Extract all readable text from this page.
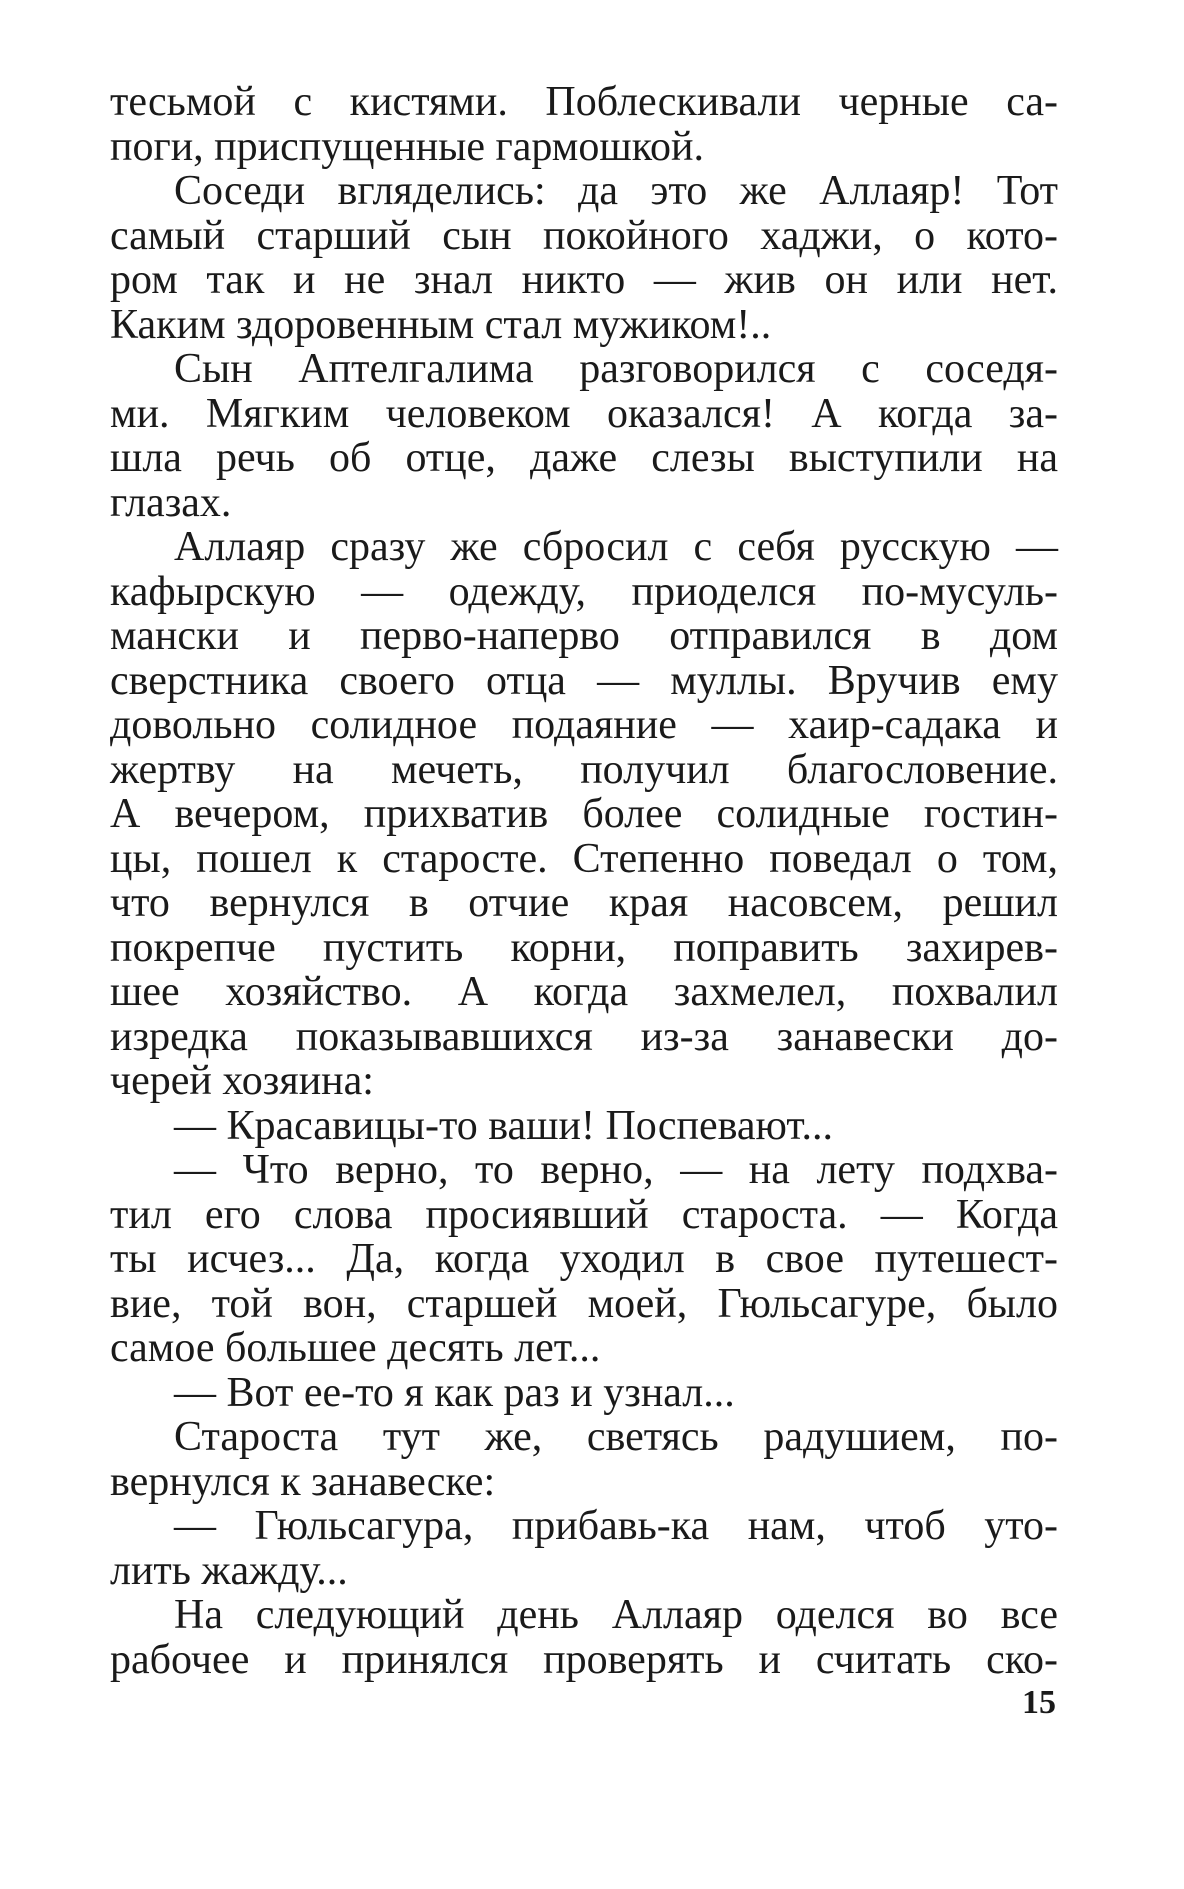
тесьмой с кистями. Поблескивали черные са-
поги, приспущенные гармошкой.
Соседи вгляделись: да это же Аллаяр! Тот
самый старший сын покойного хаджи, о кото-
ром так и не знал никто — жив он или нет.
Каким здоровенным стал мужиком!..
Сын Аптелгалима разговорился с соседя-
ми. Мягким человеком оказался! А когда за-
шла речь об отце, даже слезы выступили на
глазах.
Аллаяр сразу же сбросил с себя русскую —
кафырскую — одежду, приоделся по-мусуль-
мански и перво-наперво отправился в дом
сверстника своего отца — муллы. Вручив ему
довольно солидное подаяние — хаир-садака и
жертву на мечеть, получил благословение.
А вечером, прихватив более солидные гостин-
цы, пошел к старосте. Степенно поведал о том,
что вернулся в отчие края насовсем, решил
покрепче пустить корни, поправить захирев-
шее хозяйство. А когда захмелел, похвалил
изредка показывавшихся из-за занавески до-
черей хозяина:
— Красавицы-то ваши! Поспевают...
— Что верно, то верно, — на лету подхва-
тил его слова просиявший староста. — Когда
ты исчез... Да, когда уходил в свое путешест-
вие, той вон, старшей моей, Гюльсагуре, было
самое большее десять лет...
— Вот ее-то я как раз и узнал...
Староста тут же, светясь радушием, по-
вернулся к занавеске:
— Гюльсагура, прибавь-ка нам, чтоб уто-
лить жажду...
На следующий день Аллаяр оделся во все
рабочее и принялся проверять и считать ско-
15
